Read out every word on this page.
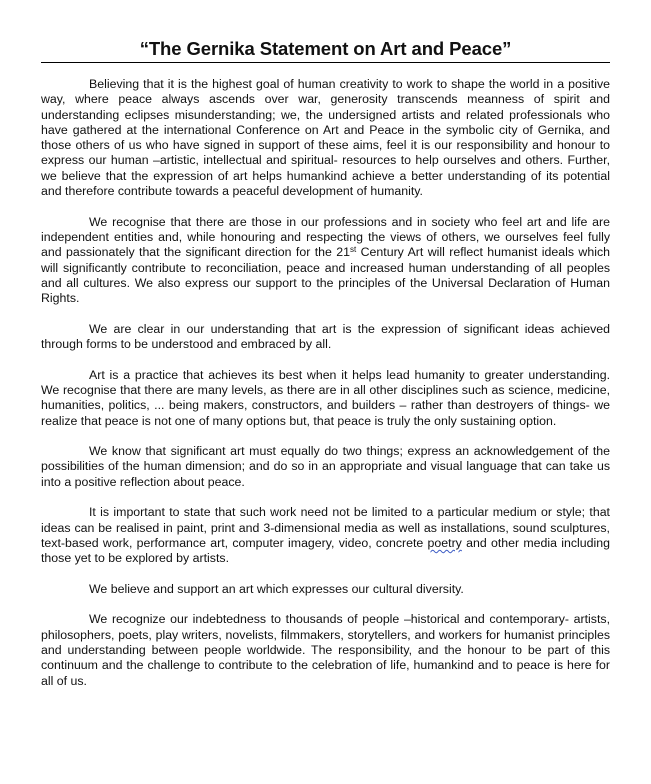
“The Gernika Statement on Art and Peace”

Believing that it is the highest goal of human creativity to work to shape the world in a positive way, where peace always ascends over war, generosity transcends meanness of spirit and understanding eclipses misunderstanding; we, the undersigned artists and related professionals who have gathered at the international Conference on Art and Peace in the symbolic city of Gernika, and those others of us who have signed in support of these aims, feel it is our responsibility and honour to express our human –artistic, intellectual and spiritual- resources to help ourselves and others. Further, we believe that the expression of art helps humankind achieve a better understanding of its potential and therefore contribute towards a peaceful development of humanity.

We recognise that there are those in our professions and in society who feel art and life are independent entities and, while honouring and respecting the views of others, we ourselves feel fully and passionately that the significant direction for the 21st Century Art will reflect humanist ideals which will significantly contribute to reconciliation, peace and increased human understanding of all peoples and all cultures. We also express our support to the principles of the Universal Declaration of Human Rights.

We are clear in our understanding that art is the expression of significant ideas achieved through forms to be understood and embraced by all.

Art is a practice that achieves its best when it helps lead humanity to greater understanding. We recognise that there are many levels, as there are in all other disciplines such as science, medicine, humanities, politics, ... being makers, constructors, and builders – rather than destroyers of things- we realize that peace is not one of many options but, that peace is truly the only sustaining option.

We know that significant art must equally do two things; express an acknowledgement of the possibilities of the human dimension; and do so in an appropriate and visual language that can take us into a positive reflection about peace.

It is important to state that such work need not be limited to a particular medium or style; that ideas can be realised in paint, print and 3-dimensional media as well as installations, sound sculptures, text-based work, performance art, computer imagery, video, concrete poetry and other media including those yet to be explored by artists.

We believe and support an art which expresses our cultural diversity.

We recognize our indebtedness to thousands of people –historical and contemporary- artists, philosophers, poets, play writers, novelists, filmmakers, storytellers, and workers for humanist principles and understanding between people worldwide. The responsibility, and the honour to be part of this continuum and the challenge to contribute to the celebration of life, humankind and to peace is here for all of us.
